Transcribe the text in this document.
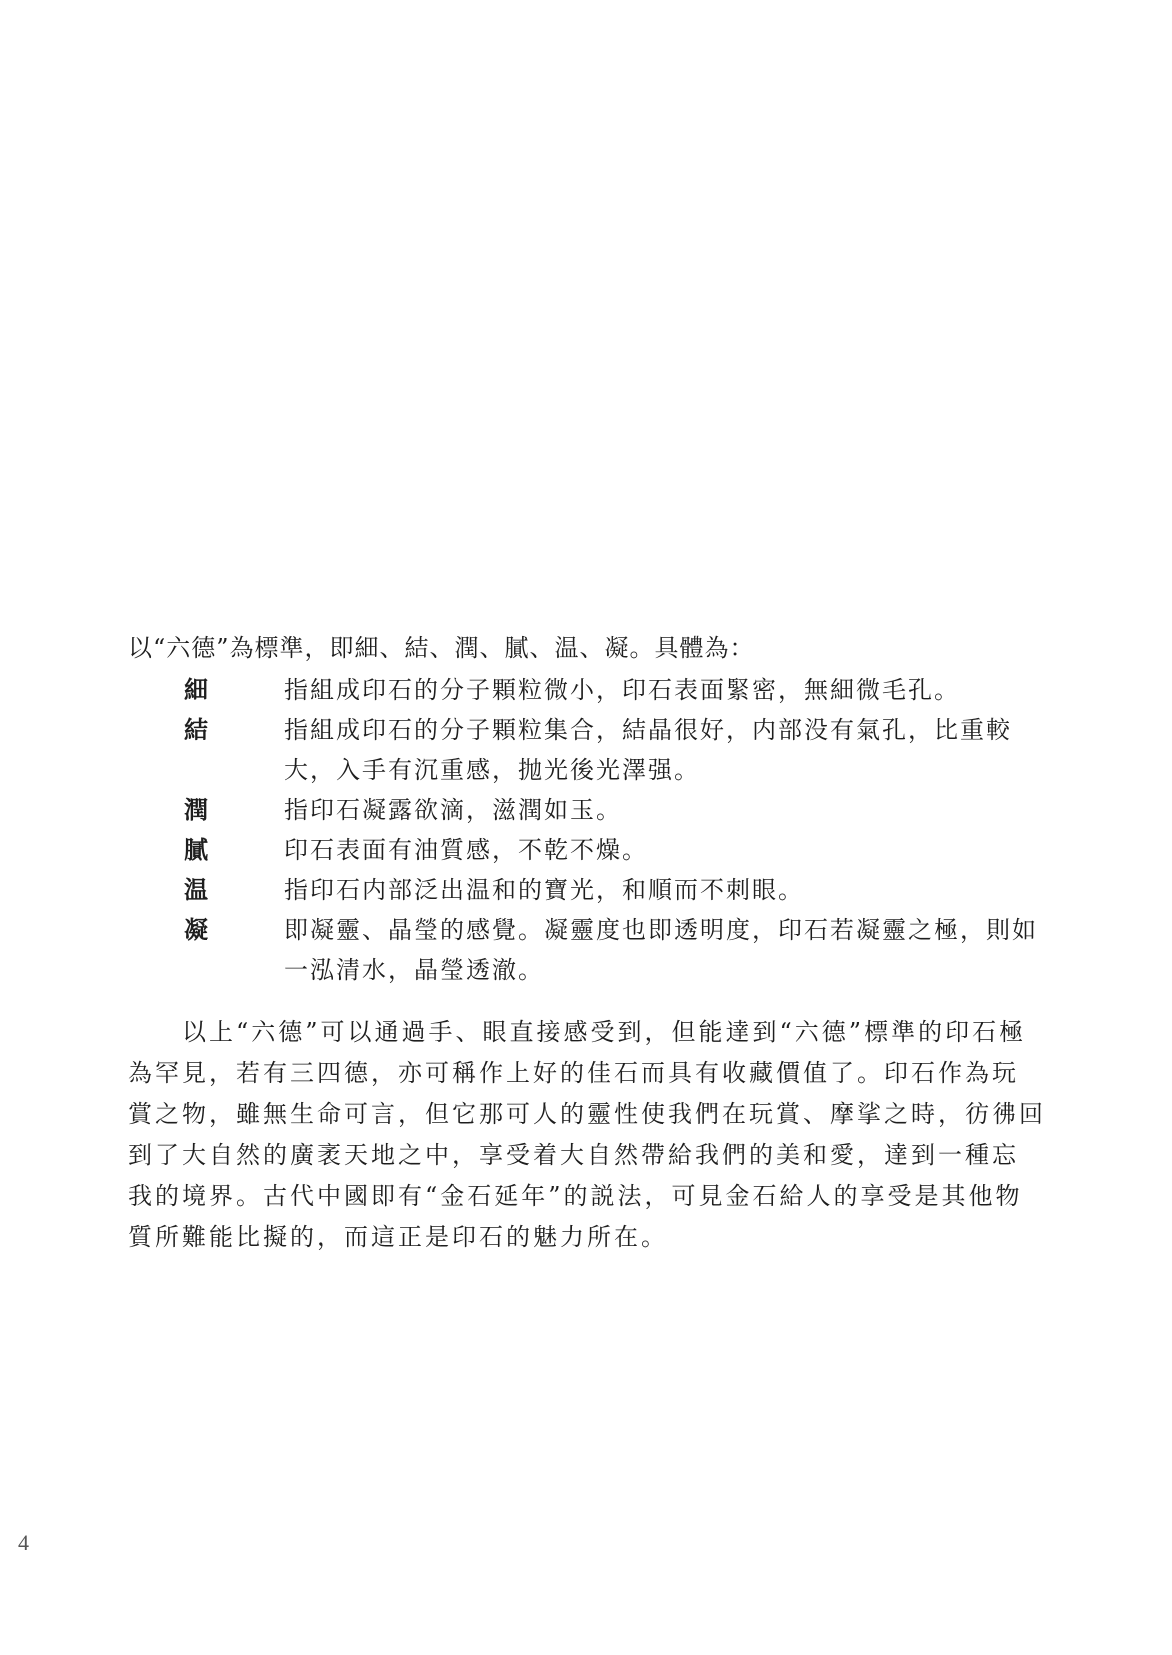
以“六德”為標準，即細、結、潤、膩、温、凝。具體為：
細	指組成印石的分子顆粒微小，印石表面緊密，無細微毛孔。
結	指組成印石的分子顆粒集合，結晶很好，内部没有氣孔，比重較
大，入手有沉重感，抛光後光澤强。
潤	指印石凝露欲滴，滋潤如玉。
膩	印石表面有油質感，不乾不燥。
温	指印石内部泛出温和的寶光，和順而不刺眼。
凝	即凝靈、晶瑩的感覺。凝靈度也即透明度，印石若凝靈之極，則如
一泓清水，晶瑩透澈。
　　以上“六德”可以通過手、眼直接感受到，但能達到“六德”標準的印石極
為罕見，若有三四德，亦可稱作上好的佳石而具有收藏價值了。印石作為玩
賞之物，雖無生命可言，但它那可人的靈性使我們在玩賞、摩挲之時，彷彿回
到了大自然的廣袤天地之中，享受着大自然帶給我們的美和愛，達到一種忘
我的境界。古代中國即有“金石延年”的説法，可見金石給人的享受是其他物
質所難能比擬的，而這正是印石的魅力所在。
4
